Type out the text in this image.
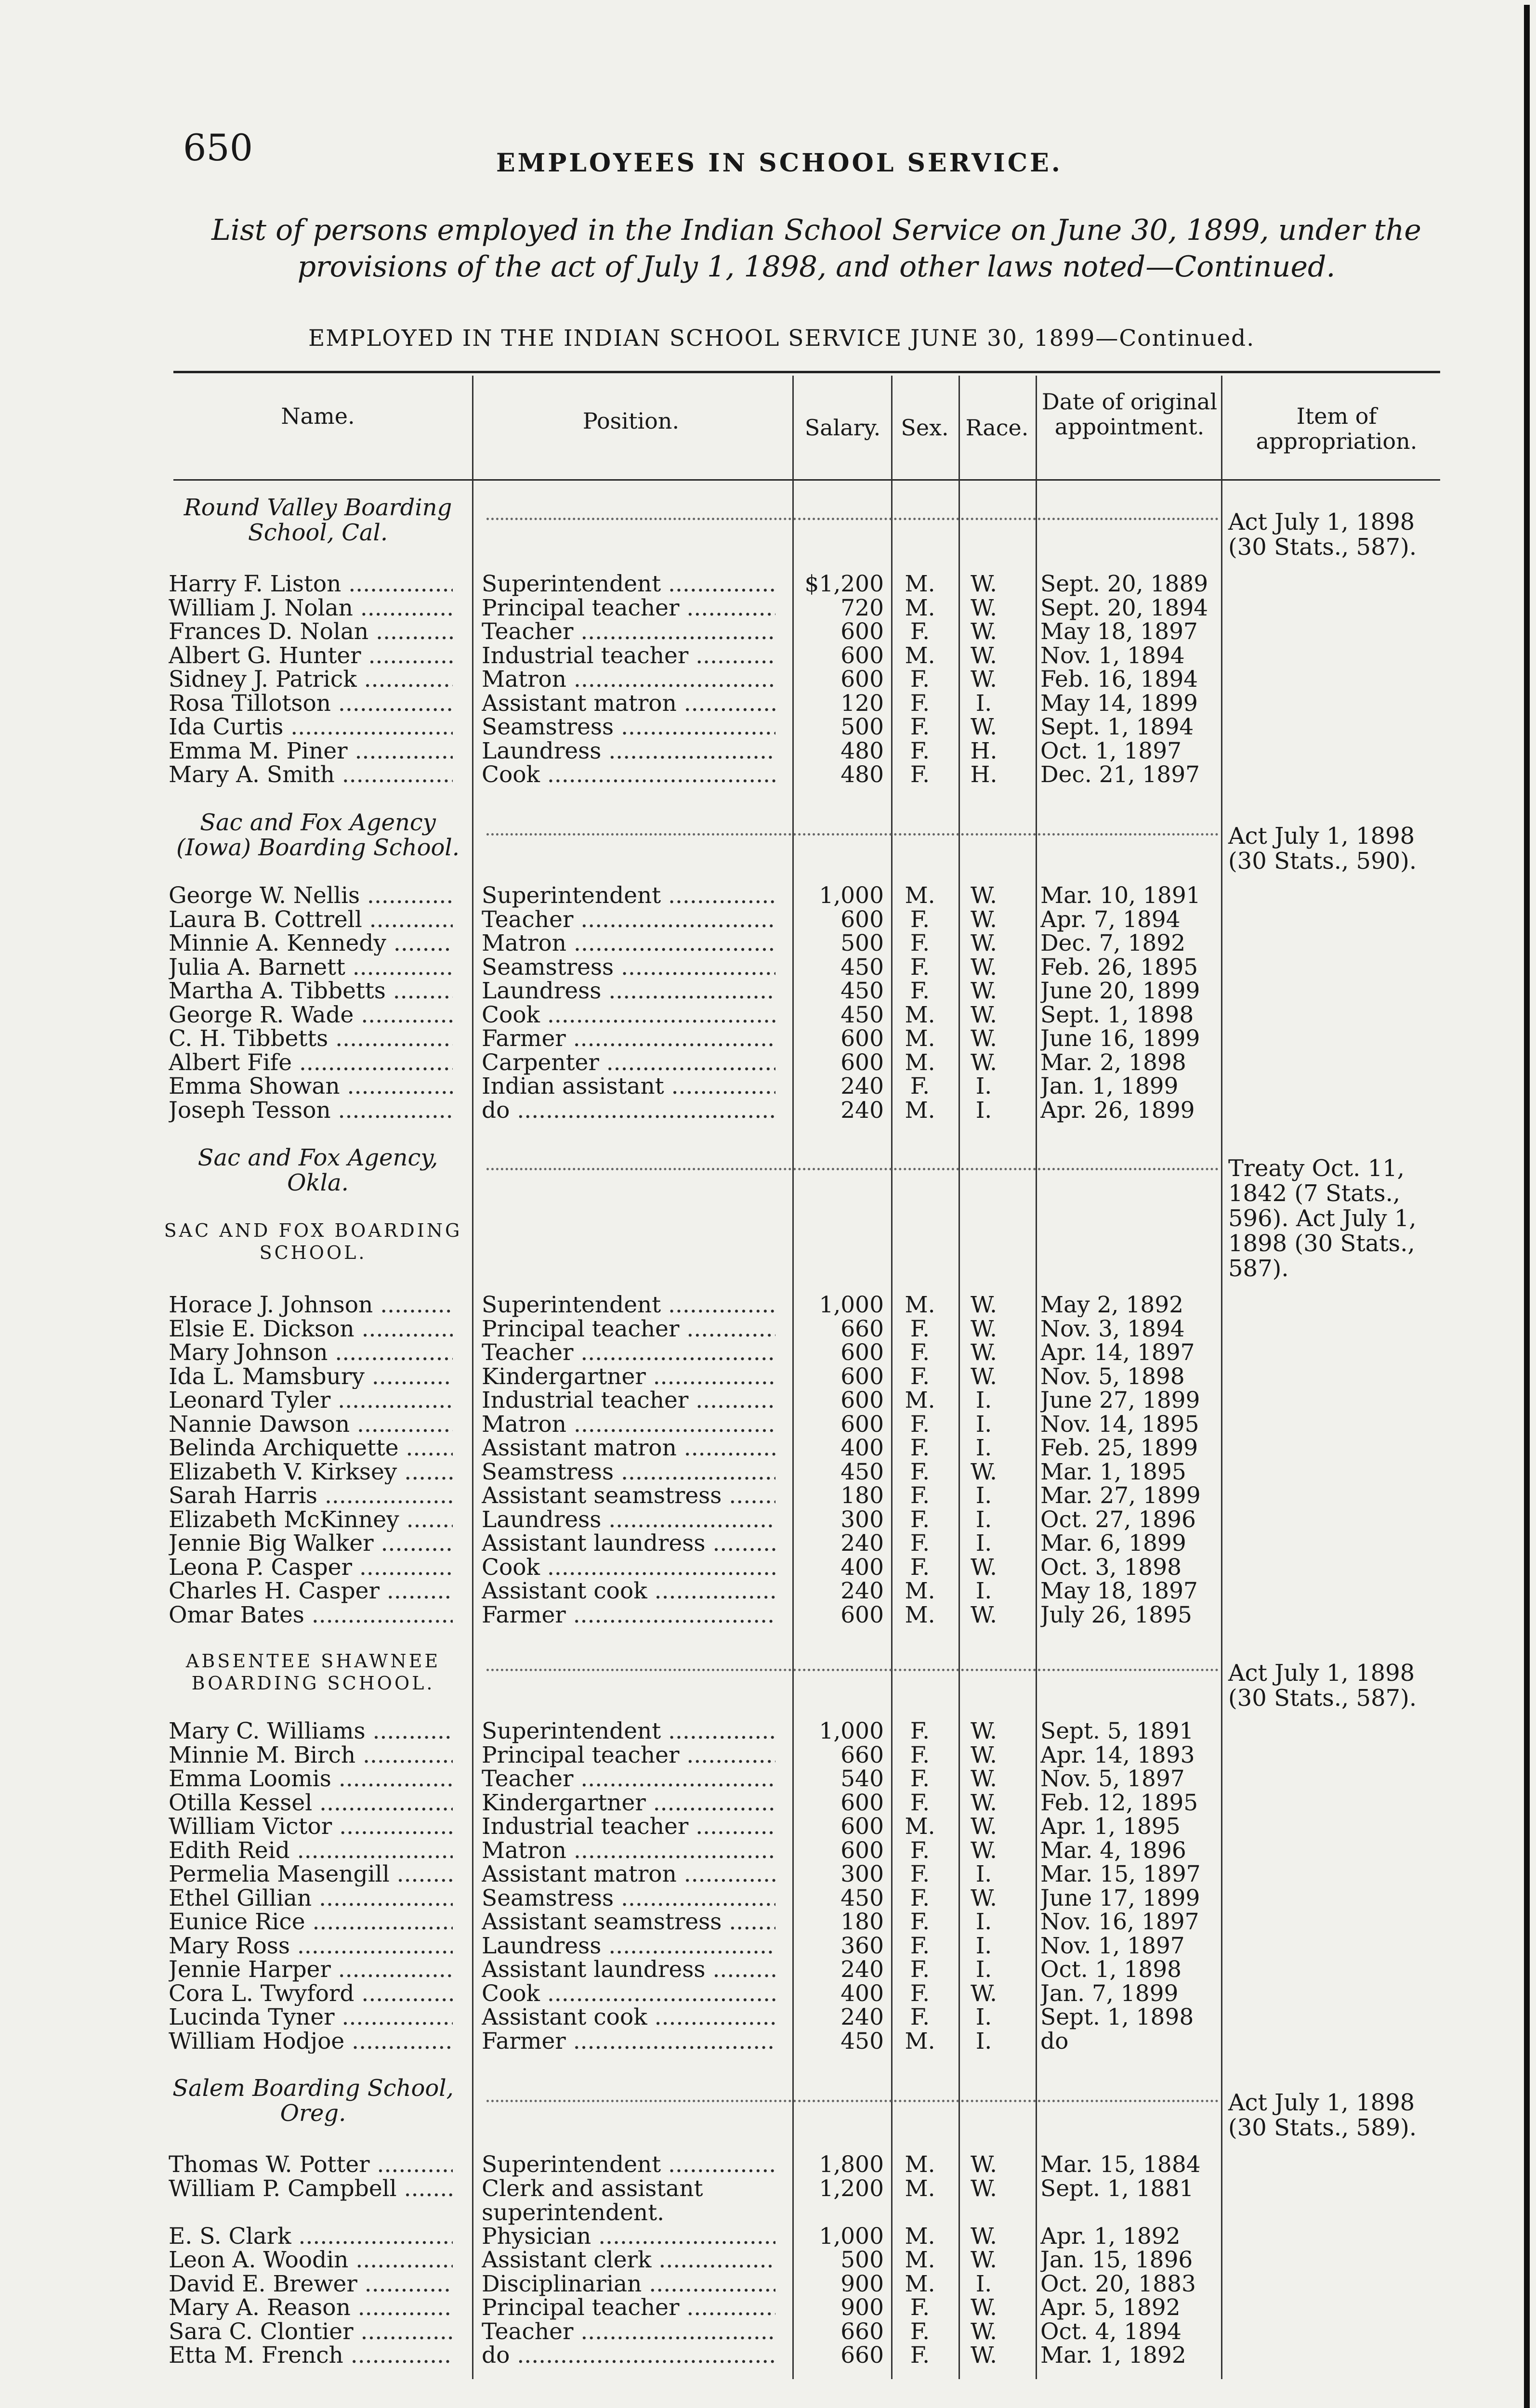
650	EMPLOYEES IN SCHOOL SERVICE.
List of persons employed in the Indian School Service on June 30, 1899, under the provisions of the act of July 1, 1898, and other laws noted—Continued.
EMPLOYED IN THE INDIAN SCHOOL SERVICE JUNE 30, 1899—Continued.
Name.	Position.	Salary. Sex. Race.
Date of original appointment.	Item of appropriation.
Round Valley Boarding School, Cal.	Act July 1, 1898 (30 Stats., 587).
Harry F. Liston .....	Superintendent .....	$1,200 M.	W.	Sept. 20, 1889
William J. Nolan .....	Principal teacher .....	720 M.	W.	Sept. 20, 1894
Frances D. Nolan .....	Teacher .....	600	F.	W.	May 18, 1897
Albert G. Hunter .....	Industrial teacher .....	600 M.	W.	Nov. 1, 1894
Sidney J. Patrick .....	Matron .....	600	F.	W.	Feb. 16, 1894
Rosa Tillotson .....	Assistant matron .....	120	F.	I.	May 14, 1899
Ida Curtis .....	Seamstress .....	500	F.	W.	Sept. 1, 1894
Emma M. Piner .....	Laundress .....	480	F.	H.	Oct. 1, 1897
Mary A. Smith .....	Cook .....	480	F.	H.	Dec. 21, 1897
Sac and Fox Agency (Iowa) Boarding School.	Act July 1, 1898 (30 Stats., 590).
George W. Nellis .....	Superintendent .....	1,000 M.	W.	Mar. 10, 1891
Laura B. Cottrell .....	Teacher .....	600	F.	W.	Apr. 7, 1894
Minnie A. Kennedy .....	Matron .....	500	F.	W.	Dec. 7, 1892
Julia A. Barnett .....	Seamstress .....	450	F.	W.	Feb. 26, 1895
Martha A. Tibbetts .....	Laundress .....	450	F.	W.	June 20, 1899
George R. Wade .....	Cook .....	450 M.	W.	Sept. 1, 1898
C. H. Tibbetts .....	Farmer .....	600 M.	W.	June 16, 1899
Albert Fife .....	Carpenter .....	600 M.	W.	Mar. 2, 1898
Emma Showan .....	Indian assistant .....	240	F.	I.	Jan. 1, 1899
Joseph Tesson .....	do .....	240 M.	I.	Apr. 26, 1899
Sac and Fox Agency, Okla.
SAC AND FOX BOARDING SCHOOL.
Treaty Oct. 11, 1842 (7 Stats., 596). Act July 1, 1898 (30 Stats., 587).
Horace J. Johnson .....	Superintendent .....	1,000 M.	W.	May 2, 1892
Elsie E. Dickson .....	Principal teacher .....	660	F.	W.	Nov. 3, 1894
Mary Johnson .....	Teacher .....	600	F.	W.	Apr. 14, 1897
Ida L. Mamsbury .....	Kindergartner .....	600	F.	W.	Nov. 5, 1898
Leonard Tyler .....	Industrial teacher .....	600 M.	I.	June 27, 1899
Nannie Dawson .....	Matron .....	600	F.	I.	Nov. 14, 1895
Belinda Archiquette .....	Assistant matron .....	400	F.	I.	Feb. 25, 1899
Elizabeth V. Kirksey .....	Seamstress .....	450	F.	W.	Mar. 1, 1895
Sarah Harris .....	Assistant seamstress .....	180	F.	I.	Mar. 27, 1899
Elizabeth McKinney .....	Laundress .....	300	F.	I.	Oct. 27, 1896
Jennie Big Walker .....	Assistant laundress .....	240	F.	I.	Mar. 6, 1899
Leona P. Casper .....	Cook .....	400	F.	W.	Oct. 3, 1898
Charles H. Casper .....	Assistant cook .....	240 M.	I.	May 18, 1897
Omar Bates .....	Farmer .....	600 M.	W.	July 26, 1895
ABSENTEE SHAWNEE BOARDING SCHOOL.	Act July 1, 1898 (30 Stats., 587).
Mary C. Williams .....	Superintendent .....	1,000	F.	W.	Sept. 5, 1891
Minnie M. Birch .....	Principal teacher .....	660	F.	W.	Apr. 14, 1893
Emma Loomis .....	Teacher .....	540	F.	W.	Nov. 5, 1897
Otilla Kessel .....	Kindergartner .....	600	F.	W.	Feb. 12, 1895
William Victor .....	Industrial teacher .....	600 M.	W.	Apr. 1, 1895
Edith Reid .....	Matron .....	600	F.	W.	Mar. 4, 1896
Permelia Masengill .....	Assistant matron .....	300	F.	I.	Mar. 15, 1897
Ethel Gillian .....	Seamstress .....	450	F.	W.	June 17, 1899
Eunice Rice .....	Assistant seamstress .....	180	F.	I.	Nov. 16, 1897
Mary Ross .....	Laundress .....	360	F.	I.	Nov. 1, 1897
Jennie Harper .....	Assistant laundress .....	240	F.	I.	Oct. 1, 1898
Cora L. Twyford .....	Cook .....	400	F.	W.	Jan. 7, 1899
Lucinda Tyner .....	Assistant cook .....	240	F.	I.	Sept. 1, 1898
William Hodjoe .....	Farmer .....	450 M.	I.	do
Salem Boarding School, Oreg.	Act July 1, 1898 (30 Stats., 589).
Thomas W. Potter .....	Superintendent .....	1,800 M.	W.	Mar. 15, 1884
William P. Campbell .....	Clerk and assistant superintendent.
1,200 M.	W.	Sept. 1, 1881
E. S. Clark .....	Physician .....	1,000 M.	W.	Apr. 1, 1892
Leon A. Woodin .....	Assistant clerk .....	500 M.	W.	Jan. 15, 1896
David E. Brewer .....	Disciplinarian .....	900 M.	I.	Oct. 20, 1883
Mary A. Reason .....	Principal teacher .....	900	F.	W.	Apr. 5, 1892
Sara C. Clontier .....	Teacher .....	660	F.	W.	Oct. 4, 1894
Etta M. French .....	do .....	660	F.	W.	Mar. 1, 1892
